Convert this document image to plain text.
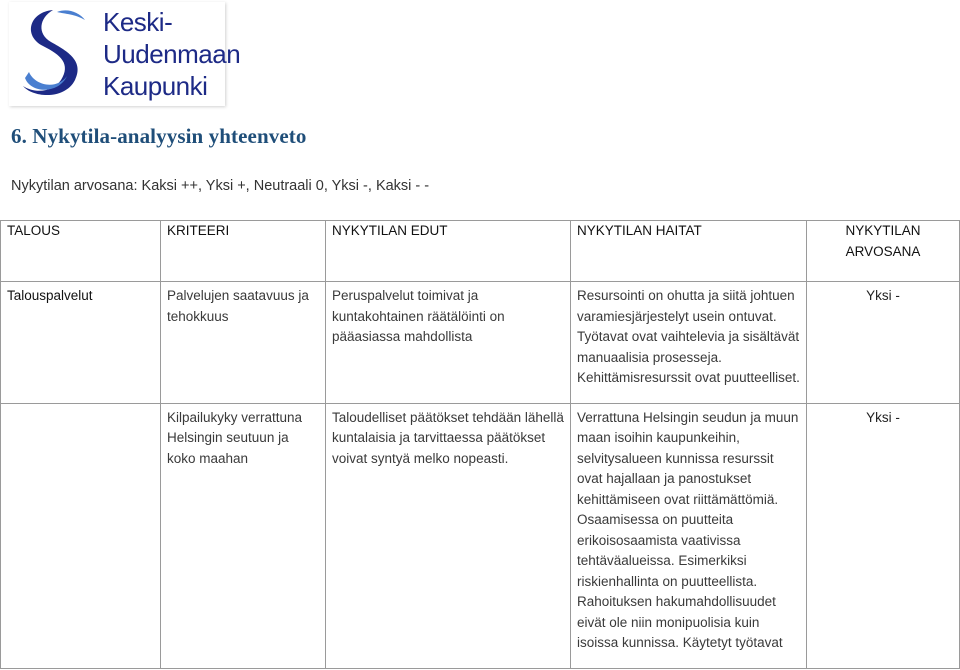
Keski-
Uudenmaan
Kaupunki
6. Nykytila-analyysin yhteenveto
Nykytilan arvosana: Kaksi ++, Yksi +, Neutraali 0, Yksi -, Kaksi - -
TALOUS	KRITEERI	NYKYTILAN EDUT	NYKYTILAN HAITAT	NYKYTILAN ARVOSANA

Talouspalvelut	Palvelujen saatavuus ja tehokkuus	Peruspalvelut toimivat ja kuntakohtainen räätälöinti on pääasiassa mahdollista	Resursointi on ohutta ja siitä johtuen varamiesjärjestelyt usein ontuvat. Työtavat ovat vaihtelevia ja sisältävät manuaalisia prosesseja. Kehittämisresurssit ovat puutteelliset.	Yksi -

	Kilpailukyky verrattuna Helsingin seutuun ja koko maahan	Taloudelliset päätökset tehdään lähellä kuntalaisia ja tarvittaessa päätökset voivat syntyä melko nopeasti.	Verrattuna Helsingin seudun ja muun maan isoihin kaupunkeihin, selvitysalueen kunnissa resurssit ovat hajallaan ja panostukset kehittämiseen ovat riittämättömiä. Osaamisessa on puutteita erikoisosaamista vaativissa tehtäväalueissa. Esimerkiksi riskienhallinta on puutteellista. Rahoituksen hakumahdollisuudet eivät ole niin monipuolisia kuin isoissa kunnissa. Käytetyt työtavat	Yksi -
